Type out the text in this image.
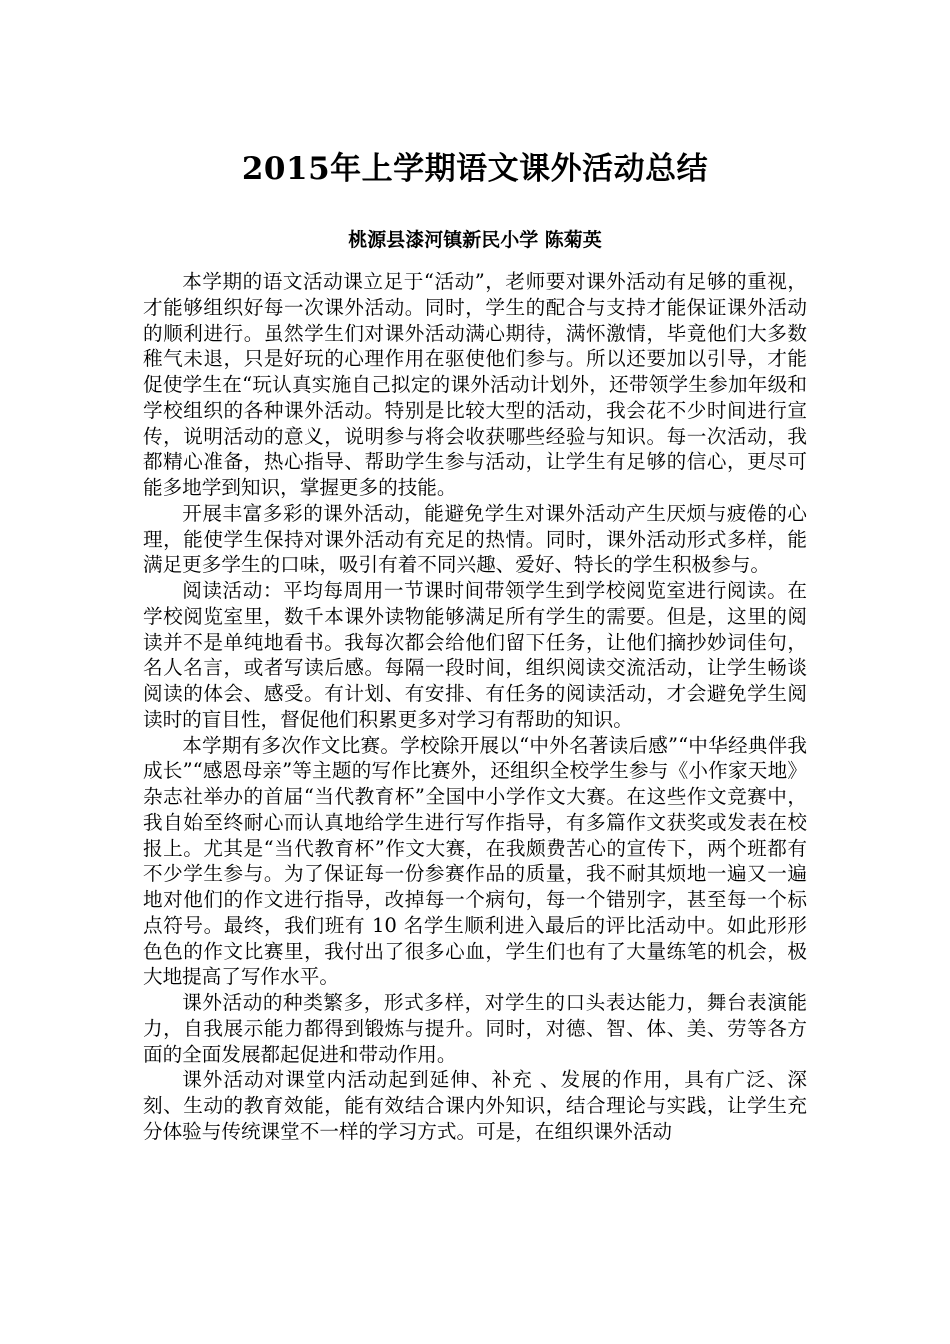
2015年上学期语文课外活动总结
桃源县漆河镇新民小学 陈菊英

本学期的语文活动课立足于“活动”，老师要对课外活动有足够的重视，才能够组织好每一次课外活动。同时，学生的配合与支持才能保证课外活动的顺利进行。虽然学生们对课外活动满心期待，满怀激情，毕竟他们大多数稚气未退，只是好玩的心理作用在驱使他们参与。所以还要加以引导，才能促使学生在“玩认真实施自己拟定的课外活动计划外，还带领学生参加年级和学校组织的各种课外活动。特别是比较大型的活动，我会花不少时间进行宣传，说明活动的意义，说明参与将会收获哪些经验与知识。每一次活动，我都精心准备，热心指导、帮助学生参与活动，让学生有足够的信心，更尽可能多地学到知识，掌握更多的技能。

开展丰富多彩的课外活动，能避免学生对课外活动产生厌烦与疲倦的心理，能使学生保持对课外活动有充足的热情。同时，课外活动形式多样，能满足更多学生的口味，吸引有着不同兴趣、爱好、特长的学生积极参与。

阅读活动：平均每周用一节课时间带领学生到学校阅览室进行阅读。在学校阅览室里，数千本课外读物能够满足所有学生的需要。但是，这里的阅读并不是单纯地看书。我每次都会给他们留下任务，让他们摘抄妙词佳句，名人名言，或者写读后感。每隔一段时间，组织阅读交流活动，让学生畅谈阅读的体会、感受。有计划、有安排、有任务的阅读活动，才会避免学生阅读时的盲目性，督促他们积累更多对学习有帮助的知识。

本学期有多次作文比赛。学校除开展以“中外名著读后感”“中华经典伴我成长”“感恩母亲”等主题的写作比赛外，还组织全校学生参与《小作家天地》杂志社举办的首届“当代教育杯”全国中小学作文大赛。在这些作文竞赛中，我自始至终耐心而认真地给学生进行写作指导，有多篇作文获奖或发表在校报上。尤其是“当代教育杯”作文大赛，在我颇费苦心的宣传下，两个班都有不少学生参与。为了保证每一份参赛作品的质量，我不耐其烦地一遍又一遍地对他们的作文进行指导，改掉每一个病句，每一个错别字，甚至每一个标点符号。最终，我们班有 10 名学生顺利进入最后的评比活动中。如此形形色色的作文比赛里，我付出了很多心血，学生们也有了大量练笔的机会，极大地提高了写作水平。

课外活动的种类繁多，形式多样，对学生的口头表达能力，舞台表演能力，自我展示能力都得到锻炼与提升。同时，对德、智、体、美、劳等各方面的全面发展都起促进和带动作用。

课外活动对课堂内活动起到延伸、补充 、发展的作用，具有广泛、深刻、生动的教育效能，能有效结合课内外知识，结合理论与实践，让学生充分体验与传统课堂不一样的学习方式。可是，在组织课外活动
